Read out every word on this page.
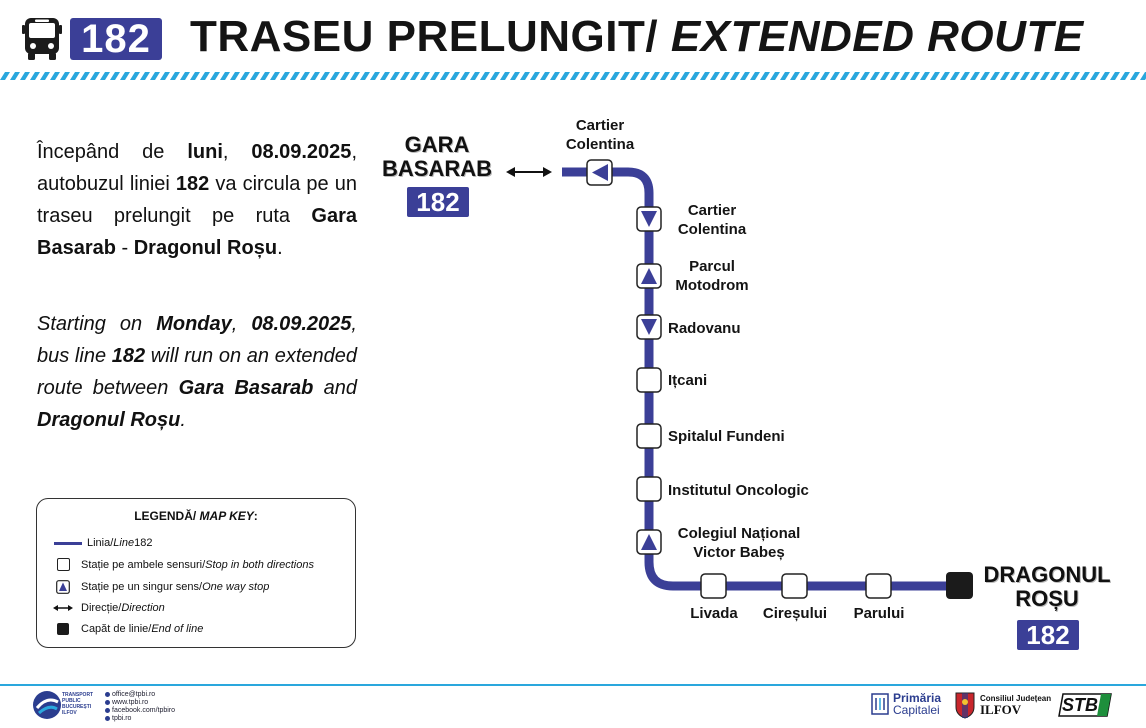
182 TRASEU PRELUNGIT/ EXTENDED ROUTE
Începând de luni, 08.09.2025, autobuzul liniei 182 va circula pe un traseu prelungit pe ruta Gara Basarab - Dragonul Roșu.
Starting on Monday, 08.09.2025, bus line 182 will run on an extended route between Gara Basarab and Dragonul Roșu.
LEGENDĂ/ MAP KEY:
Linia/ Line 182
Stație pe ambele sensuri/ Stop in both directions
Stație pe un singur sens/ One way stop
Direcție/ Direction
Capăt de linie/ End of line
GARA
BASARAB
182
DRAGONUL
ROȘU
182
Cartier
Colentina
Cartier
Colentina
Parcul
Motodrom
Radovanu
Ițcani
Spitalul Fundeni
Institutul Oncologic
Colegiul Național
Victor Babeș
Livada	Cireșului	Parului
TRANSPORT
PUBLIC
BUCUREȘTI
ILFOV
office@tpbi.ro
www.tpbi.ro
facebook.com/tpbiro
tpbi.ro
Primăria
Capitalei
Consiliul Județean
ILFOV	STB
